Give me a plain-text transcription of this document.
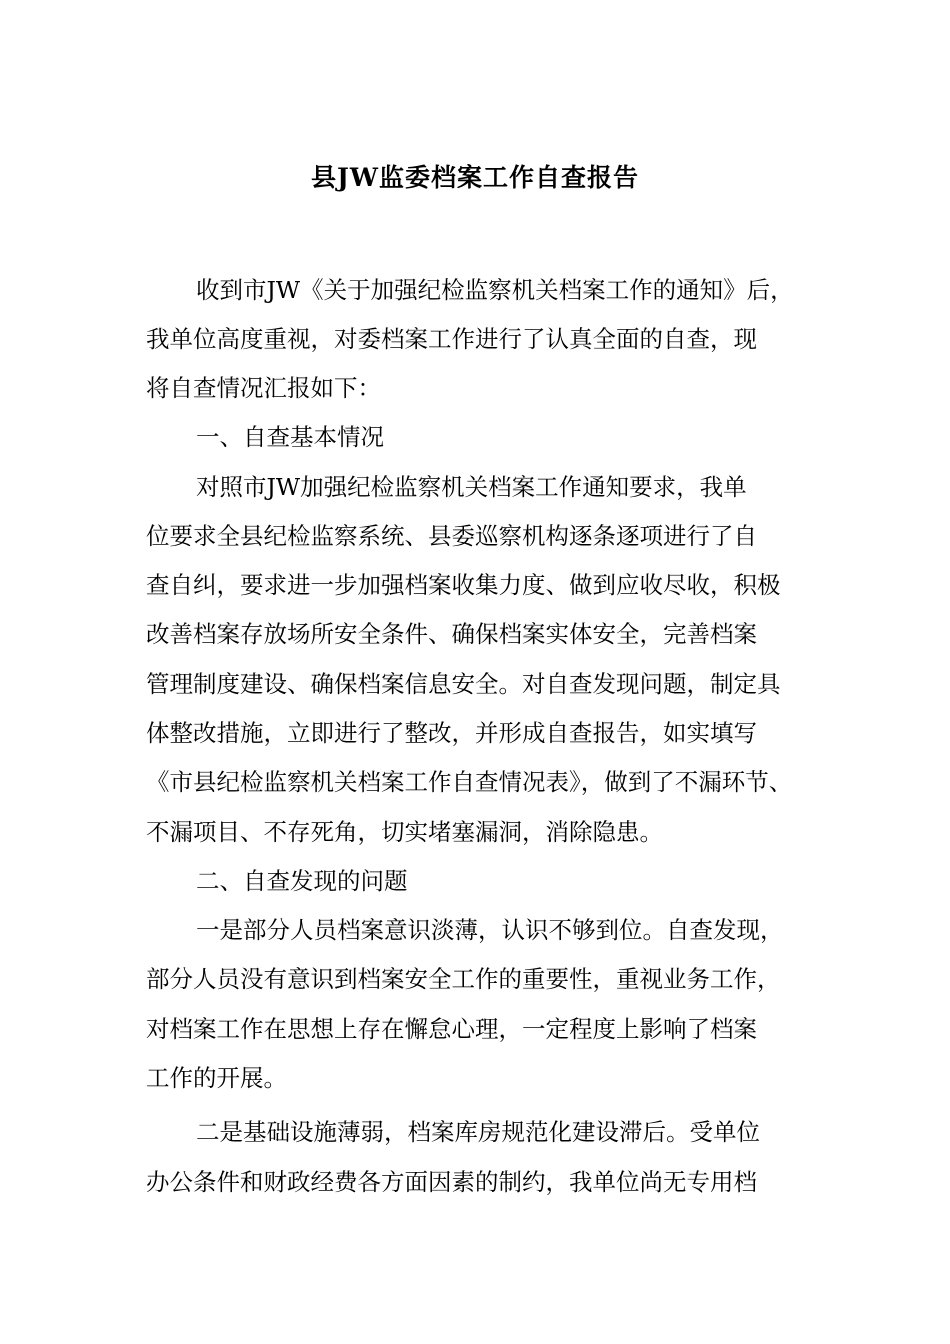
县JW监委档案工作自查报告
收到市JW《关于加强纪检监察机关档案工作的通知》后，
我单位高度重视，对委档案工作进行了认真全面的自查，现
将自查情况汇报如下：
一、自查基本情况
对照市JW加强纪检监察机关档案工作通知要求，我单
位要求全县纪检监察系统、县委巡察机构逐条逐项进行了自
查自纠，要求进一步加强档案收集力度、做到应收尽收，积极
改善档案存放场所安全条件、确保档案实体安全，完善档案
管理制度建设、确保档案信息安全。对自查发现问题，制定具
体整改措施，立即进行了整改，并形成自查报告，如实填写
《市县纪检监察机关档案工作自查情况表》，做到了不漏环节、
不漏项目、不存死角，切实堵塞漏洞，消除隐患。
二、自查发现的问题
一是部分人员档案意识淡薄，认识不够到位。自查发现，
部分人员没有意识到档案安全工作的重要性，重视业务工作，
对档案工作在思想上存在懈怠心理，一定程度上影响了档案
工作的开展。
二是基础设施薄弱，档案库房规范化建设滞后。受单位
办公条件和财政经费各方面因素的制约，我单位尚无专用档
